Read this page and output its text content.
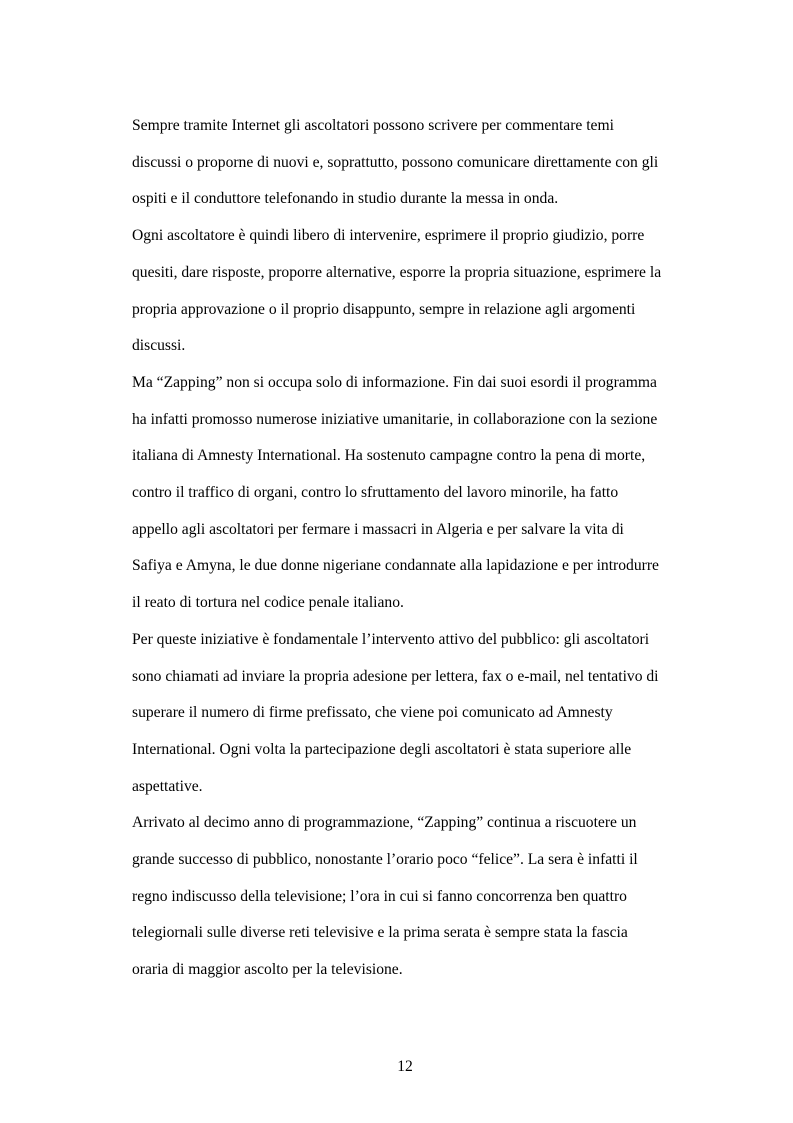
Sempre tramite Internet gli ascoltatori possono scrivere per commentare temi
discussi o proporne di nuovi e, soprattutto, possono comunicare direttamente con gli
ospiti e il conduttore telefonando in studio durante la messa in onda.

Ogni ascoltatore è quindi libero di intervenire, esprimere il proprio giudizio, porre
quesiti, dare risposte, proporre alternative, esporre la propria situazione, esprimere la
propria approvazione o il proprio disappunto, sempre in relazione agli argomenti
discussi.

Ma “Zapping” non si occupa solo di informazione. Fin dai suoi esordi il programma
ha infatti promosso numerose iniziative umanitarie, in collaborazione con la sezione
italiana di Amnesty International. Ha sostenuto campagne contro la pena di morte,
contro il traffico di organi, contro lo sfruttamento del lavoro minorile, ha fatto
appello agli ascoltatori per fermare i massacri in Algeria e per salvare la vita di
Safiya e Amyna, le due donne nigeriane condannate alla lapidazione e per introdurre
il reato di tortura nel codice penale italiano.

Per queste iniziative è fondamentale l’intervento attivo del pubblico: gli ascoltatori
sono chiamati ad inviare la propria adesione per lettera, fax o e-mail, nel tentativo di
superare il numero di firme prefissato, che viene poi comunicato ad Amnesty
International. Ogni volta la partecipazione degli ascoltatori è stata superiore alle
aspettative.

Arrivato al decimo anno di programmazione, “Zapping” continua a riscuotere un
grande successo di pubblico, nonostante l’orario poco “felice”. La sera è infatti il
regno indiscusso della televisione; l’ora in cui si fanno concorrenza ben quattro
telegiornali sulle diverse reti televisive e la prima serata è sempre stata la fascia
oraria di maggior ascolto per la televisione.

12
